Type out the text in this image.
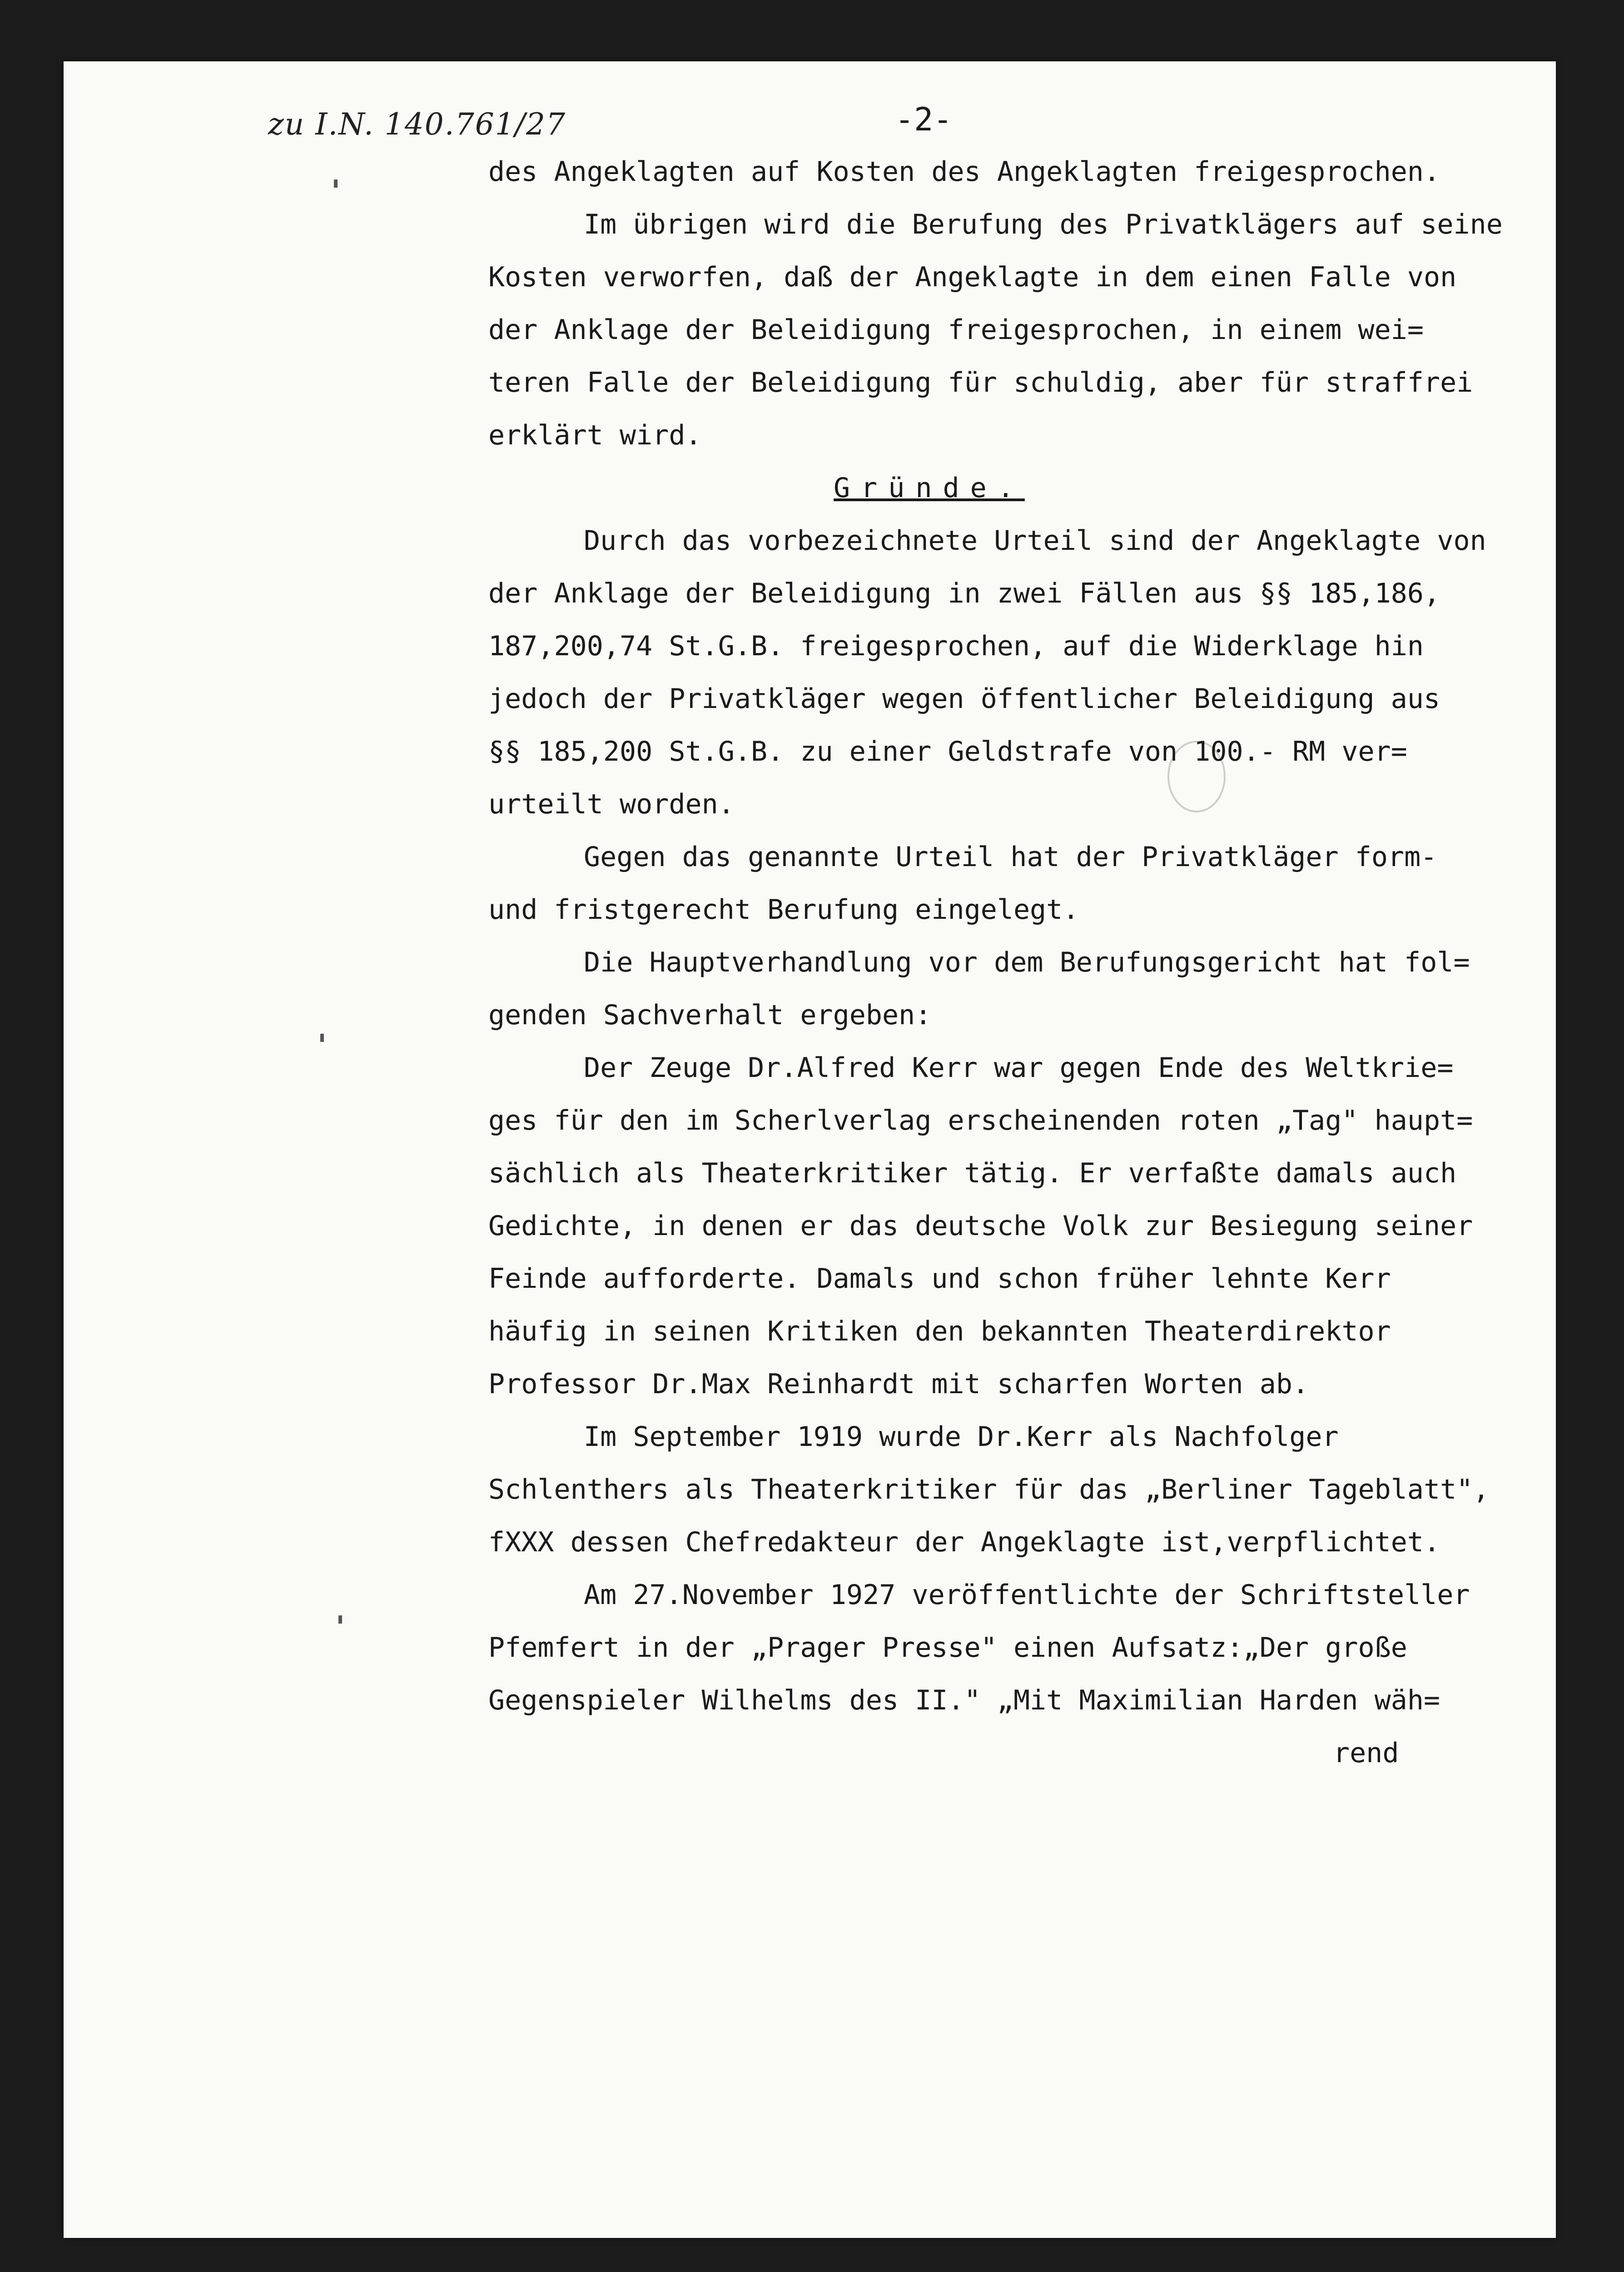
zu I.N. 140.761/27	-2-
des Angeklagten auf Kosten des Angeklagten freigesprochen.
Im übrigen wird die Berufung des Privatklägers auf seine
Kosten verworfen, daß der Angeklagte in dem einen Falle von
der Anklage der Beleidigung freigesprochen, in einem wei=
teren Falle der Beleidigung für schuldig, aber für straffrei
erklärt wird.
Gründe.
Durch das vorbezeichnete Urteil sind der Angeklagte von
der Anklage der Beleidigung in zwei Fällen aus §§ 185,186,
187,200,74 St.G.B. freigesprochen, auf die Widerklage hin
jedoch der Privatkläger wegen öffentlicher Beleidigung aus
§§ 185,200 St.G.B. zu einer Geldstrafe von 100.- RM ver=
urteilt worden.
Gegen das genannte Urteil hat der Privatkläger form-
und fristgerecht Berufung eingelegt.
Die Hauptverhandlung vor dem Berufungsgericht hat fol=
genden Sachverhalt ergeben:
Der Zeuge Dr.Alfred Kerr war gegen Ende des Weltkrie=
ges für den im Scherlverlag erscheinenden roten „Tag" haupt=
sächlich als Theaterkritiker tätig. Er verfaßte damals auch
Gedichte, in denen er das deutsche Volk zur Besiegung seiner
Feinde aufforderte. Damals und schon früher lehnte Kerr
häufig in seinen Kritiken den bekannten Theaterdirektor
Professor Dr.Max Reinhardt mit scharfen Worten ab.
Im September 1919 wurde Dr.Kerr als Nachfolger
Schlenthers als Theaterkritiker für das „Berliner Tageblatt",
fXXX dessen Chefredakteur der Angeklagte ist,verpflichtet.
Am 27.November 1927 veröffentlichte der Schriftsteller
Pfemfert in der „Prager Presse" einen Aufsatz:„Der große
Gegenspieler Wilhelms des II." „Mit Maximilian Harden wäh=
rend
